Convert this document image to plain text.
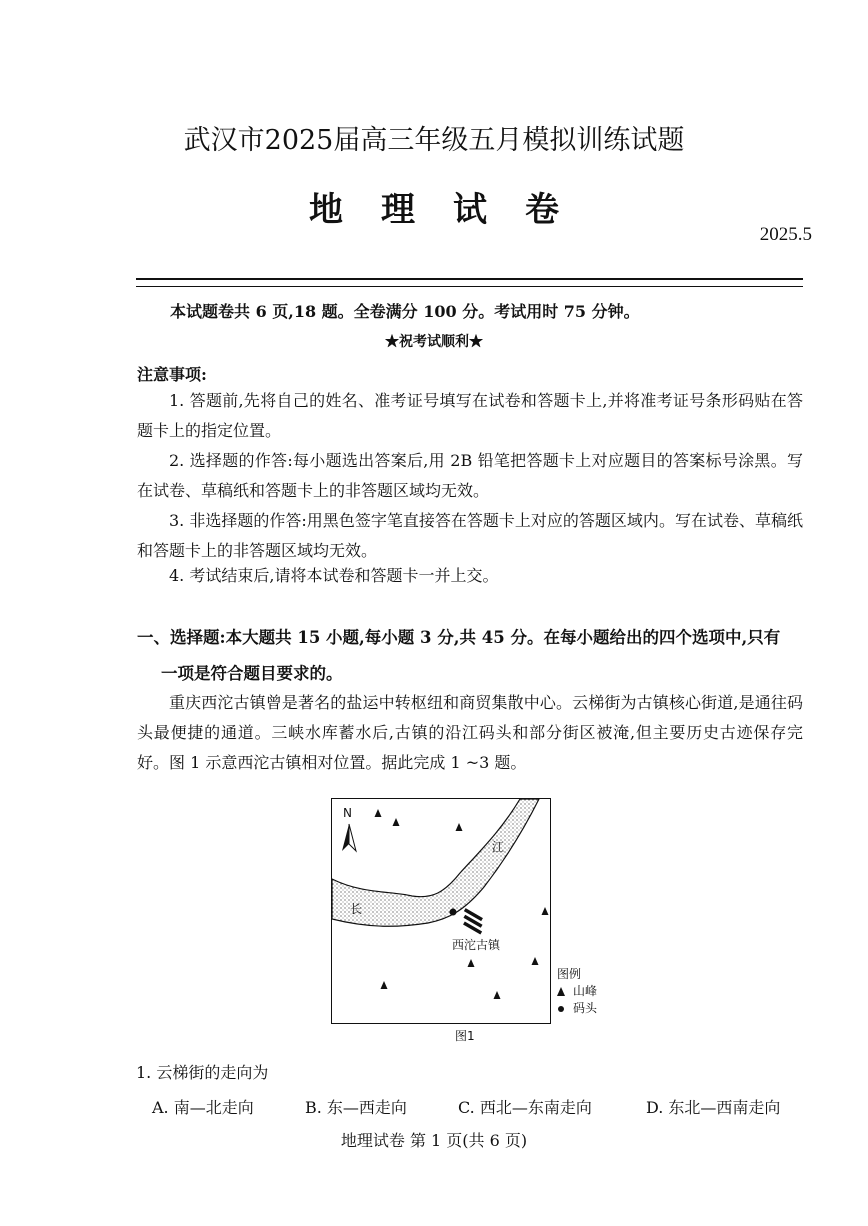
武汉市2025届高三年级五月模拟训练试题
地理试卷
2025.5
本试题卷共 6 页,18 题。全卷满分 100 分。考试用时 75 分钟。
★祝考试顺利★
注意事项:
1. 答题前,先将自己的姓名、准考证号填写在试卷和答题卡上,并将准考证号条形码贴在答题卡上的指定位置。
2. 选择题的作答:每小题选出答案后,用 2B 铅笔把答题卡上对应题目的答案标号涂黑。写在试卷、草稿纸和答题卡上的非答题区域均无效。
3. 非选择题的作答:用黑色签字笔直接答在答题卡上对应的答题区域内。写在试卷、草稿纸和答题卡上的非答题区域均无效。
4. 考试结束后,请将本试卷和答题卡一并上交。
一、选择题:本大题共 15 小题,每小题 3 分,共 45 分。在每小题给出的四个选项中,只有
一项是符合题目要求的。
重庆西沱古镇曾是著名的盐运中转枢纽和商贸集散中心。云梯街为古镇核心街道,是通往码头最便捷的通道。三峡水库蓄水后,古镇的沿江码头和部分街区被淹,但主要历史古迹保存完好。图 1 示意西沱古镇相对位置。据此完成 1 ~3 题。
N
长
江
西沱古镇
图例
山峰
码头
图1
1. 云梯街的走向为
A. 南—北走向	B. 东—西走向	C. 西北—东南走向	D. 东北—西南走向
地理试卷 第 1 页(共 6 页)
